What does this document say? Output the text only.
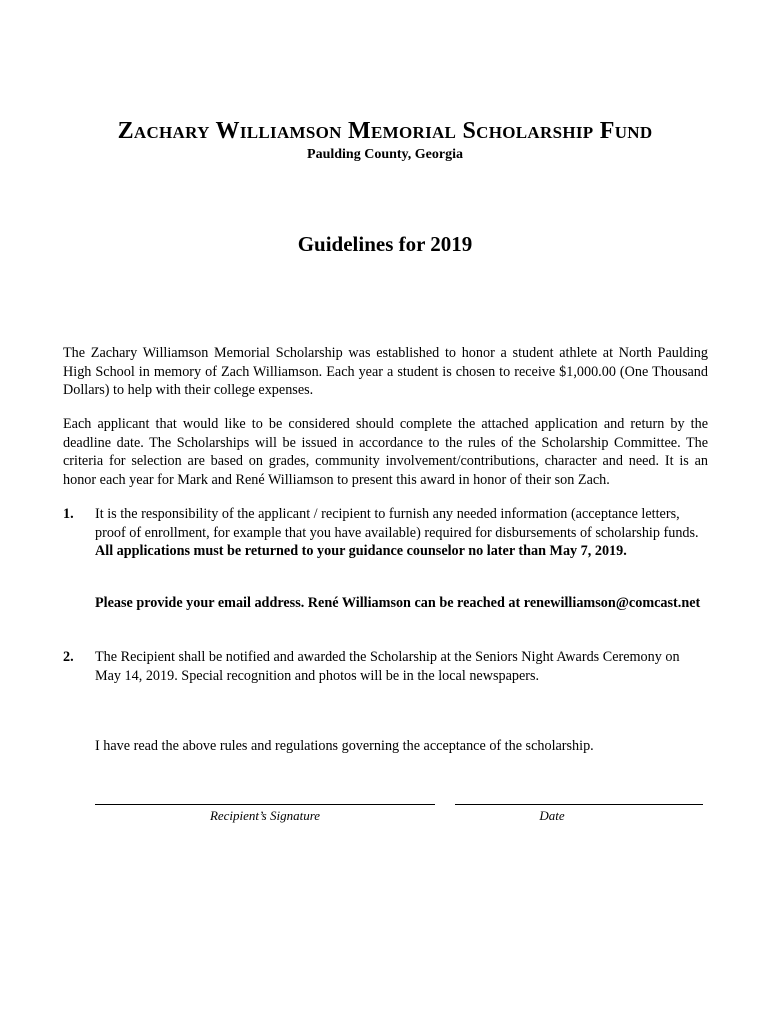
Zachary Williamson Memorial Scholarship Fund
Paulding County, Georgia
Guidelines for 2019

The Zachary Williamson Memorial Scholarship was established to honor a student athlete at North Paulding High School in memory of Zach Williamson. Each year a student is chosen to receive $1,000.00 (One Thousand Dollars) to help with their college expenses.

Each applicant that would like to be considered should complete the attached application and return by the deadline date. The Scholarships will be issued in accordance to the rules of the Scholarship Committee. The criteria for selection are based on grades, community involvement/contributions, character and need. It is an honor each year for Mark and René Williamson to present this award in honor of their son Zach.

1. It is the responsibility of the applicant / recipient to furnish any needed information (acceptance letters, proof of enrollment, for example that you have available) required for disbursements of scholarship funds. All applications must be returned to your guidance counselor no later than May 7, 2019.
Please provide your email address. René Williamson can be reached at renewilliamson@comcast.net
2. The Recipient shall be notified and awarded the Scholarship at the Seniors Night Awards Ceremony on May 14, 2019. Special recognition and photos will be in the local newspapers.
I have read the above rules and regulations governing the acceptance of the scholarship.
Recipient’s Signature	Date
